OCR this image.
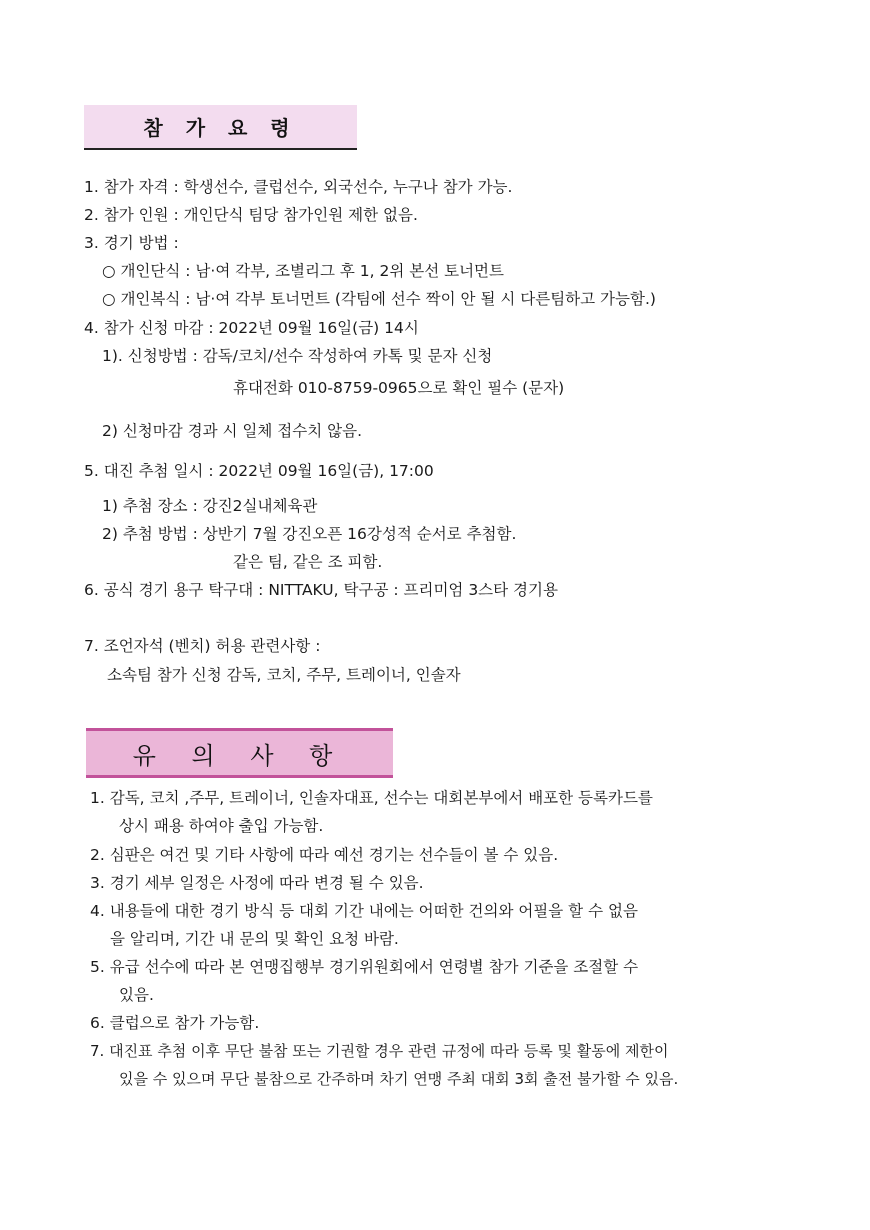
참 가 요 령
1. 참가 자격 : 학생선수, 클럽선수, 외국선수, 누구나 참가 가능.
2. 참가 인원 : 개인단식 팀당 참가인원 제한 없음.
3. 경기 방법 :
○ 개인단식 : 남·여 각부, 조별리그 후 1, 2위 본선 토너먼트
○ 개인복식 : 남·여 각부 토너먼트 (각팀에 선수 짝이 안 될 시 다른팀하고 가능함.)
4. 참가 신청 마감 : 2022년 09월 16일(금) 14시
1). 신청방법 : 감독/코치/선수 작성하여 카톡 및 문자 신청
휴대전화 010-8759-0965으로 확인 필수 (문자)
2) 신청마감 경과 시 일체 접수치 않음.
5. 대진 추첨 일시 : 2022년 09월 16일(금), 17:00
1) 추첨 장소 : 강진2실내체육관
2) 추첨 방법 : 상반기 7월 강진오픈 16강성적 순서로 추첨함.
같은 팀, 같은 조 피함.
6. 공식 경기 용구 탁구대 : NITTAKU, 탁구공 : 프리미엄 3스타 경기용
7. 조언자석 (벤치) 허용 관련사항 :
소속팀 참가 신청 감독, 코치, 주무, 트레이너, 인솔자
유 의 사 항
1. 감독, 코치 ,주무, 트레이너, 인솔자대표, 선수는 대회본부에서 배포한 등록카드를
상시 패용 하여야 출입 가능함.
2. 심판은 여건 및 기타 사항에 따라 예선 경기는 선수들이 볼 수 있음.
3. 경기 세부 일정은 사정에 따라 변경 될 수 있음.
4. 내용들에 대한 경기 방식 등 대회 기간 내에는 어떠한 건의와 어필을 할 수 없음
을 알리며, 기간 내 문의 및 확인 요청 바람.
5. 유급 선수에 따라 본 연맹집행부 경기위원회에서 연령별 참가 기준을 조절할 수
있음.
6. 클럽으로 참가 가능함.
7. 대진표 추첨 이후 무단 불참 또는 기권할 경우 관련 규정에 따라 등록 및 활동에 제한이
있을 수 있으며 무단 불참으로 간주하며 차기 연맹 주최 대회 3회 출전 불가할 수 있음.
